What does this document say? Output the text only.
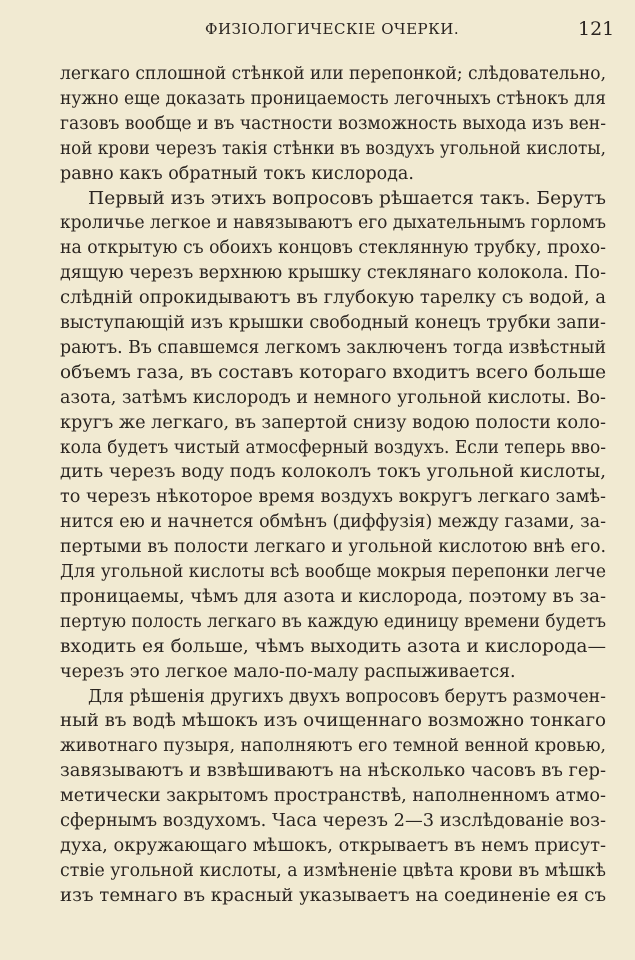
ФИЗІОЛОГИЧЕСКІЕ ОЧЕРКИ.	121
легкаго сплошной стѣнкой или перепонкой; слѣдовательно,
нужно еще доказать проницаемость легочныхъ стѣнокъ для
газовъ вообще и въ частности возможность выхода изъ вен-
ной крови черезъ такія стѣнки въ воздухъ угольной кислоты,
равно какъ обратный токъ кислорода.
Первый изъ этихъ вопросовъ рѣшается такъ. Берутъ
кроличье легкое и навязываютъ его дыхательнымъ горломъ
на открытую съ обоихъ концовъ стеклянную трубку, прохо-
дящую черезъ верхнюю крышку стеклянаго колокола. По-
слѣдній опрокидываютъ въ глубокую тарелку съ водой, а
выступающій изъ крышки свободный конецъ трубки запи-
раютъ. Въ спавшемся легкомъ заключенъ тогда извѣстный
объемъ газа, въ составъ котораго входитъ всего больше
азота, затѣмъ кислородъ и немного угольной кислоты. Во-
кругъ же легкаго, въ запертой снизу водою полости коло-
кола будетъ чистый атмосферный воздухъ. Если теперь вво-
дить черезъ воду подъ колоколъ токъ угольной кислоты,
то черезъ нѣкоторое время воздухъ вокругъ легкаго замѣ-
нится ею и начнется обмѣнъ (диффузія) между газами, за-
пертыми въ полости легкаго и угольной кислотою внѣ его.
Для угольной кислоты всѣ вообще мокрыя перепонки легче
проницаемы, чѣмъ для азота и кислорода, поэтому въ за-
пертую полость легкаго въ каждую единицу времени будетъ
входить ея больше, чѣмъ выходить азота и кислорода—
черезъ это легкое мало-по-малу распыживается.
Для рѣшенія другихъ двухъ вопросовъ берутъ размочен-
ный въ водѣ мѣшокъ изъ очищеннаго возможно тонкаго
животнаго пузыря, наполняютъ его темной венной кровью,
завязываютъ и взвѣшиваютъ на нѣсколько часовъ въ гер-
метически закрытомъ пространствѣ, наполненномъ атмо-
сфернымъ воздухомъ. Часа черезъ 2—3 изслѣдованіе воз-
духа, окружающаго мѣшокъ, открываетъ въ немъ присут-
ствіе угольной кислоты, а измѣненіе цвѣта крови въ мѣшкѣ
изъ темнаго въ красный указываетъ на соединеніе ея съ
